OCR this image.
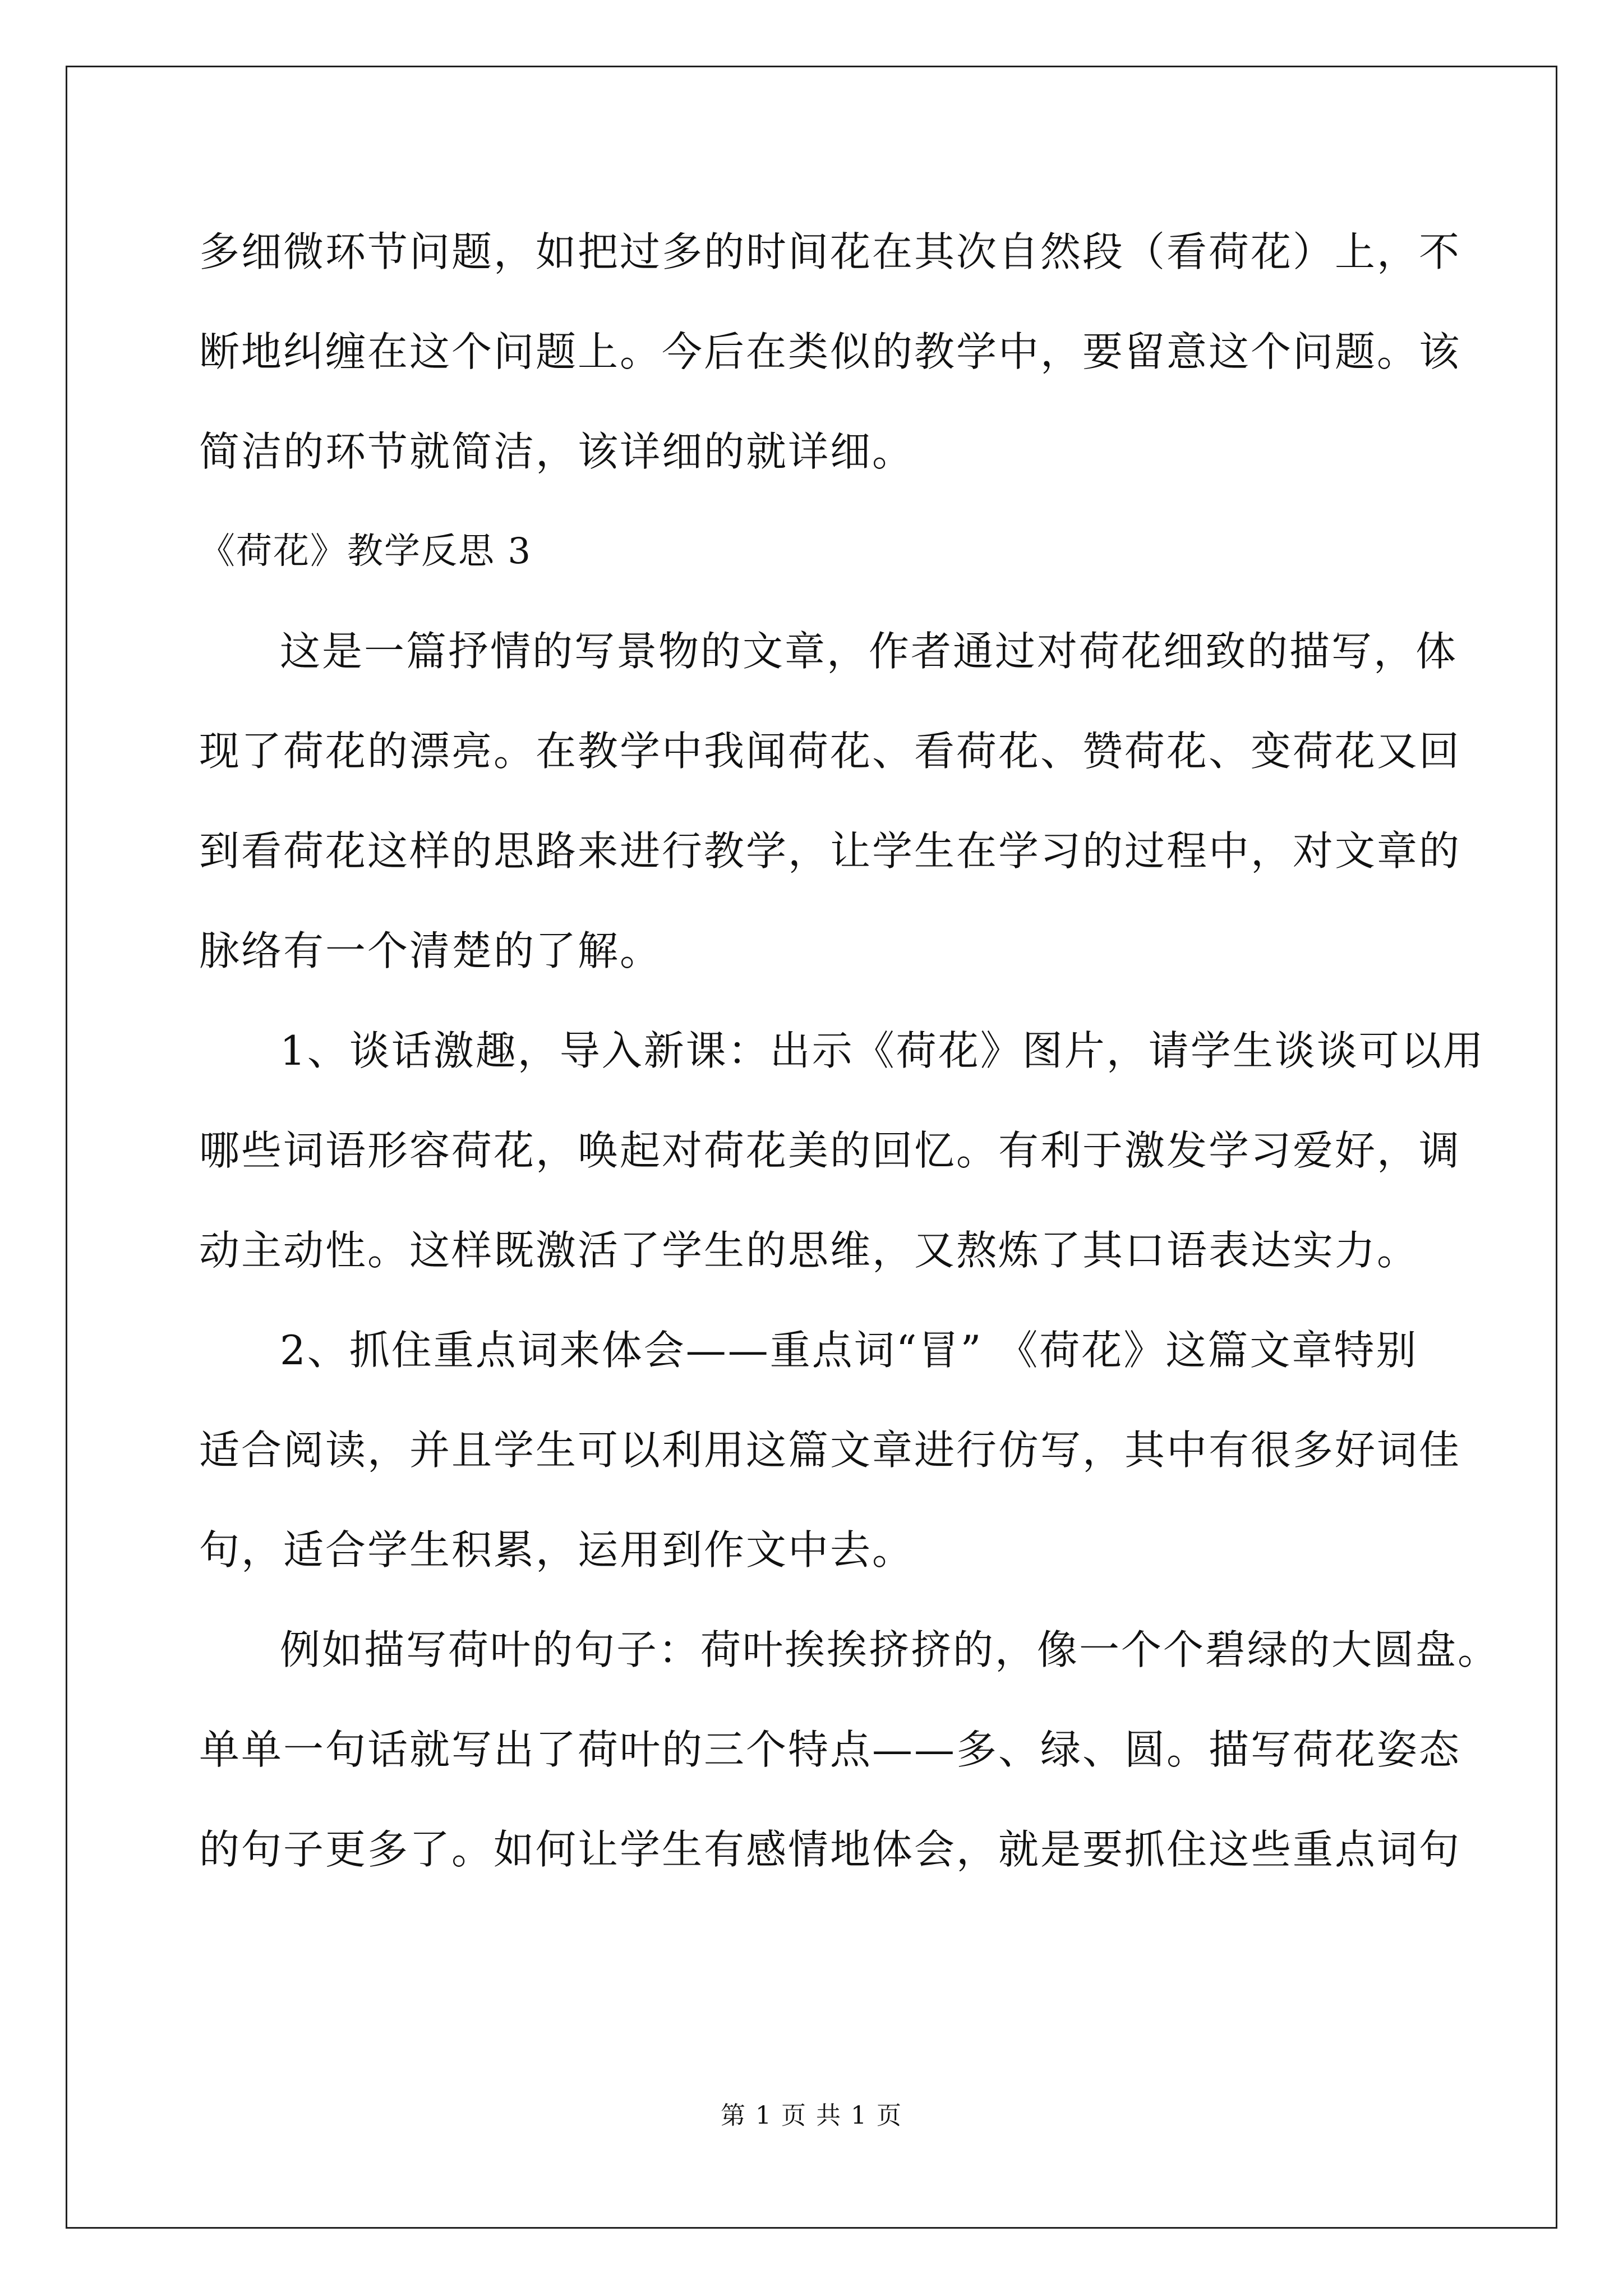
多细微环节问题，如把过多的时间花在其次自然段（看荷花）上，不
断地纠缠在这个问题上。今后在类似的教学中，要留意这个问题。该
简洁的环节就简洁，该详细的就详细。
《荷花》教学反思 3
这是一篇抒情的写景物的文章，作者通过对荷花细致的描写，体
现了荷花的漂亮。在教学中我闻荷花、看荷花、赞荷花、变荷花又回
到看荷花这样的思路来进行教学，让学生在学习的过程中，对文章的
脉络有一个清楚的了解。
1、谈话激趣，导入新课：出示《荷花》图片，请学生谈谈可以用
哪些词语形容荷花，唤起对荷花美的回忆。有利于激发学习爱好，调
动主动性。这样既激活了学生的思维，又熬炼了其口语表达实力。
2、抓住重点词来体会——重点词“冒” 《荷花》这篇文章特别
适合阅读，并且学生可以利用这篇文章进行仿写，其中有很多好词佳
句，适合学生积累，运用到作文中去。
例如描写荷叶的句子：荷叶挨挨挤挤的，像一个个碧绿的大圆盘。
单单一句话就写出了荷叶的三个特点——多、绿、圆。描写荷花姿态
的句子更多了。如何让学生有感情地体会，就是要抓住这些重点词句
第 1 页 共 1 页
